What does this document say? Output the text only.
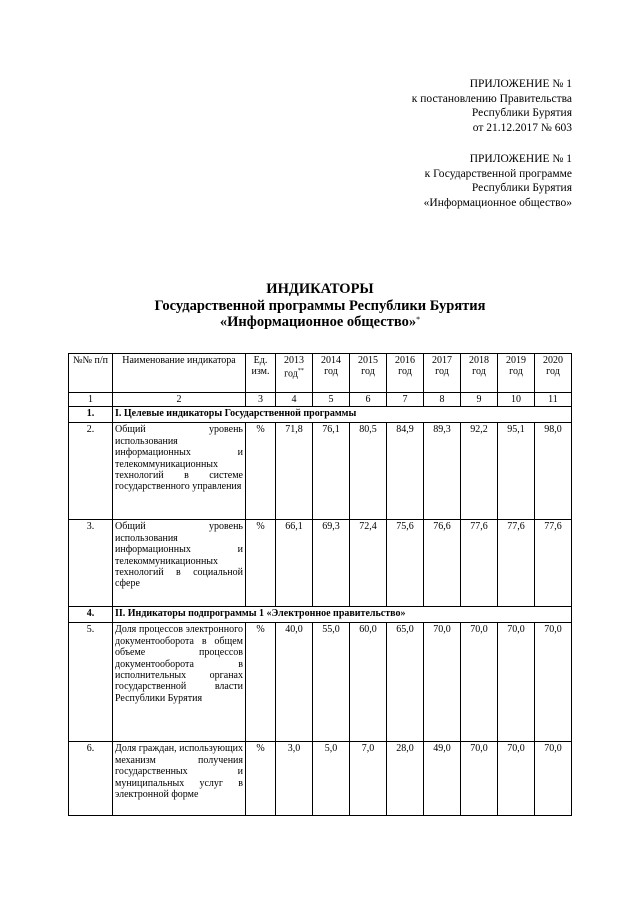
ПРИЛОЖЕНИЕ № 1
к постановлению Правительства
Республики Бурятия
от 21.12.2017 № 603
ПРИЛОЖЕНИЕ № 1
к Государственной программе
Республики Бурятия
«Информационное общество»
ИНДИКАТОРЫ
Государственной программы Республики Бурятия
«Информационное общество»*
№№ п/п	Наименование индикатора	Ед. изм.	2013 год**	2014 год	2015 год	2016 год	2017 год	2018 год	2019 год	2020 год
1	2	3	4	5	6	7	8	9	10	11
1.	I. Целевые индикаторы Государственной программы									
2.	Общий уровень использования информационных и телекоммуникационных технологий в системе государственного управления	%	71,8	76,1	80,5	84,9	89,3	92,2	95,1	98,0
3.	Общий уровень использования информационных и телекоммуникационных технологий в социальной сфере	%	66,1	69,3	72,4	75,6	76,6	77,6	77,6	77,6
4.	II. Индикаторы подпрограммы 1 «Электронное правительство»									
5.	Доля процессов электронного документооборота в общем объеме процессов документооборота в исполнительных органах государственной власти Республики Бурятия	%	40,0	55,0	60,0	65,0	70,0	70,0	70,0	70,0
6.	Доля граждан, использующих механизм получения государственных и муниципальных услуг в электронной форме	%	3,0	5,0	7,0	28,0	49,0	70,0	70,0	70,0
